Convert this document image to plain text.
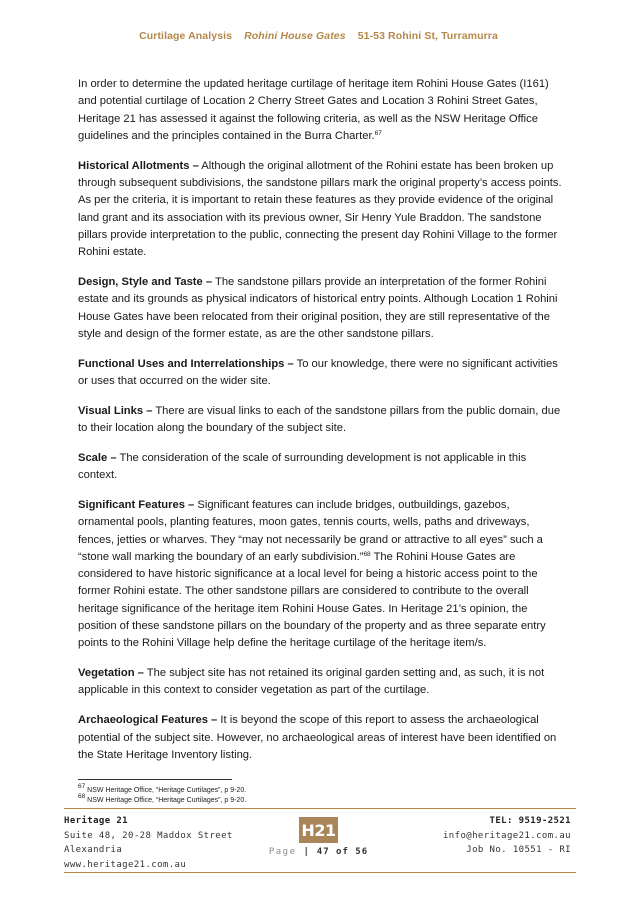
Curtilage Analysis Rohini House Gates 51-53 Rohini St, Turramurra

In order to determine the updated heritage curtilage of heritage item Rohini House Gates (I161) and potential curtilage of Location 2 Cherry Street Gates and Location 3 Rohini Street Gates, Heritage 21 has assessed it against the following criteria, as well as the NSW Heritage Office guidelines and the principles contained in the Burra Charter.$^{67}$

Historical Allotments – Although the original allotment of the Rohini estate has been broken up through subsequent subdivisions, the sandstone pillars mark the original property’s access points. As per the criteria, it is important to retain these features as they provide evidence of the original land grant and its association with its previous owner, Sir Henry Yule Braddon. The sandstone pillars provide interpretation to the public, connecting the present day Rohini Village to the former Rohini estate.

Design, Style and Taste – The sandstone pillars provide an interpretation of the former Rohini estate and its grounds as physical indicators of historical entry points. Although Location 1 Rohini House Gates have been relocated from their original position, they are still representative of the style and design of the former estate, as are the other sandstone pillars.

Functional Uses and Interrelationships – To our knowledge, there were no significant activities or uses that occurred on the wider site.

Visual Links – There are visual links to each of the sandstone pillars from the public domain, due to their location along the boundary of the subject site.

Scale – The consideration of the scale of surrounding development is not applicable in this context.

Significant Features – Significant features can include bridges, outbuildings, gazebos, ornamental pools, planting features, moon gates, tennis courts, wells, paths and driveways, fences, jetties or wharves. They “may not necessarily be grand or attractive to all eyes” such a “stone wall marking the boundary of an early subdivision.”$^{68}$ The Rohini House Gates are considered to have historic significance at a local level for being a historic access point to the former Rohini estate. The other sandstone pillars are considered to contribute to the overall heritage significance of the heritage item Rohini House Gates. In Heritage 21’s opinion, the position of these sandstone pillars on the boundary of the property and as three separate entry points to the Rohini Village help define the heritage curtilage of the heritage item/s.

Vegetation – The subject site has not retained its original garden setting and, as such, it is not applicable in this context to consider vegetation as part of the curtilage.

Archaeological Features – It is beyond the scope of this report to assess the archaeological potential of the subject site. However, no archaeological areas of interest have been identified on the State Heritage Inventory listing.

$^{67}$ NSW Heritage Office, “Heritage Curtilages”, p 9-20.
$^{68}$ NSW Heritage Office, “Heritage Curtilages”, p 9-20.
Heritage 21
Suite 48, 20-28 Maddox Street
Alexandria
www.heritage21.com.au
H21
Page | 47 of 56
TEL: 9519-2521
info@heritage21.com.au
Job No. 10551 - RI
